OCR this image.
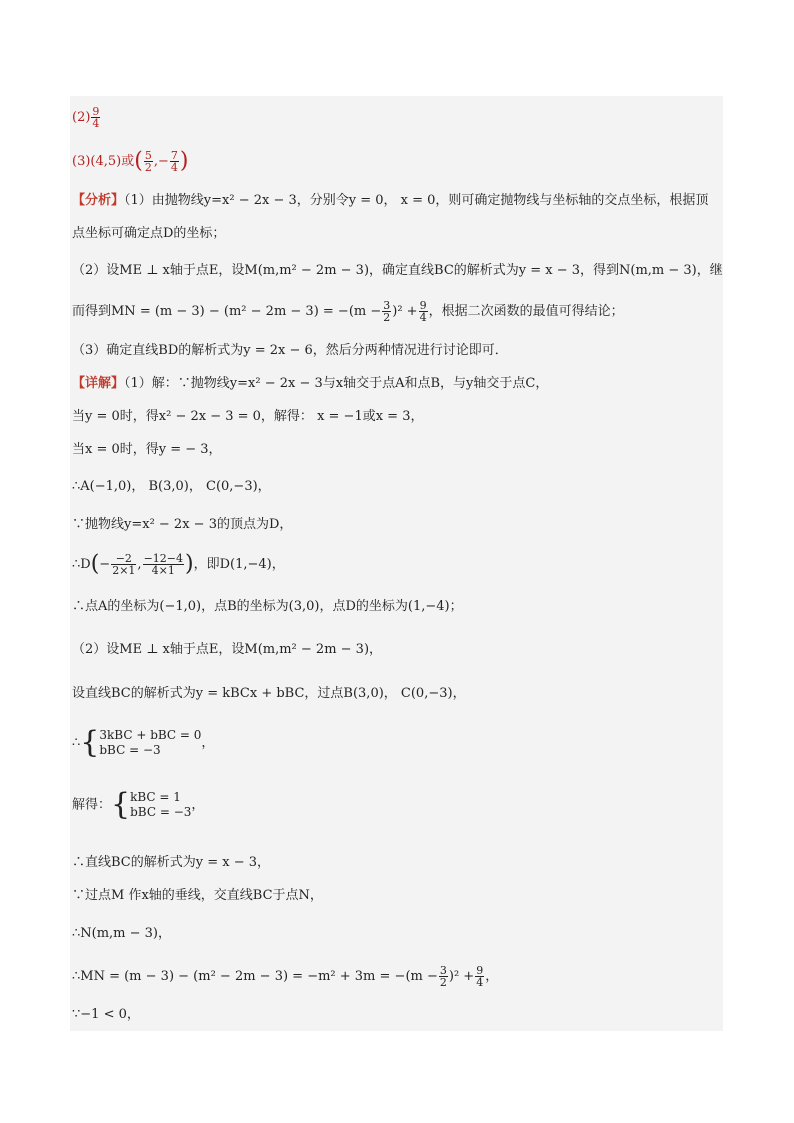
$(2) \frac{9}{4}$
(3)(4,5)或( $\frac{5}{2}$ ,− $\frac{7}{4}$ )
【分析】（1）由抛物线y=x² − 2x − 3，分别令y = 0， x = 0，则可确定抛物线与坐标轴的交点坐标，根据顶
点坐标可确定点D的坐标；
（2）设ME ⊥ x轴于点E，设M(m,m² − 2m − 3)，确定直线BC的解析式为y = x − 3，得到N(m,m − 3)，继
而得到MN = $(m - 3) - (m^2 - 2m - 3) = -(m - \frac{3}{2} )^2 + \frac{9}{4}$ ，根据二次函数的最值可得结论；
（3）确定直线BD的解析式为y = 2x − 6，然后分两种情况进行讨论即可．
【详解】（1）解：∵抛物线y=x² − 2x − 3与x轴交于点A和点B，与y轴交于点C，
当y = 0时，得x² − 2x − 3 = 0，解得： x = −1或x = 3，
当x = 0时，得y = − 3，
∴A(−1,0)， B(3,0)， C(0,−3)，
∵抛物线y=x² − 2x − 3的顶点为D，
∴D(− $\frac{-2}{2\times 1}$ , $\frac{-12-4}{4\times 1}$ )，即D(1,−4)，
∴点A的坐标为(−1,0)，点B的坐标为(3,0)，点D的坐标为(1,−4)；
（2）设ME ⊥ x轴于点E，设M(m,m² − 2m − 3)，
设直线BC的解析式为y = kBCx + bBC，过点B(3,0)， C(0,−3)，
∴{ 3kBC + bBC = 0
bBC = −3	，
解得：{ kBC = 1
bBC = −3 ，
∴直线BC的解析式为y = x − 3，
∵过点M 作x轴的垂线，交直线BC于点N，
∴N(m,m − 3)，
∴MN = $(m - 3) - (m^2 - 2m - 3) = -m^2 + 3m = -(m - \frac{3}{2} )^2 + \frac{9}{4}$ ，
∵−1 < 0，
